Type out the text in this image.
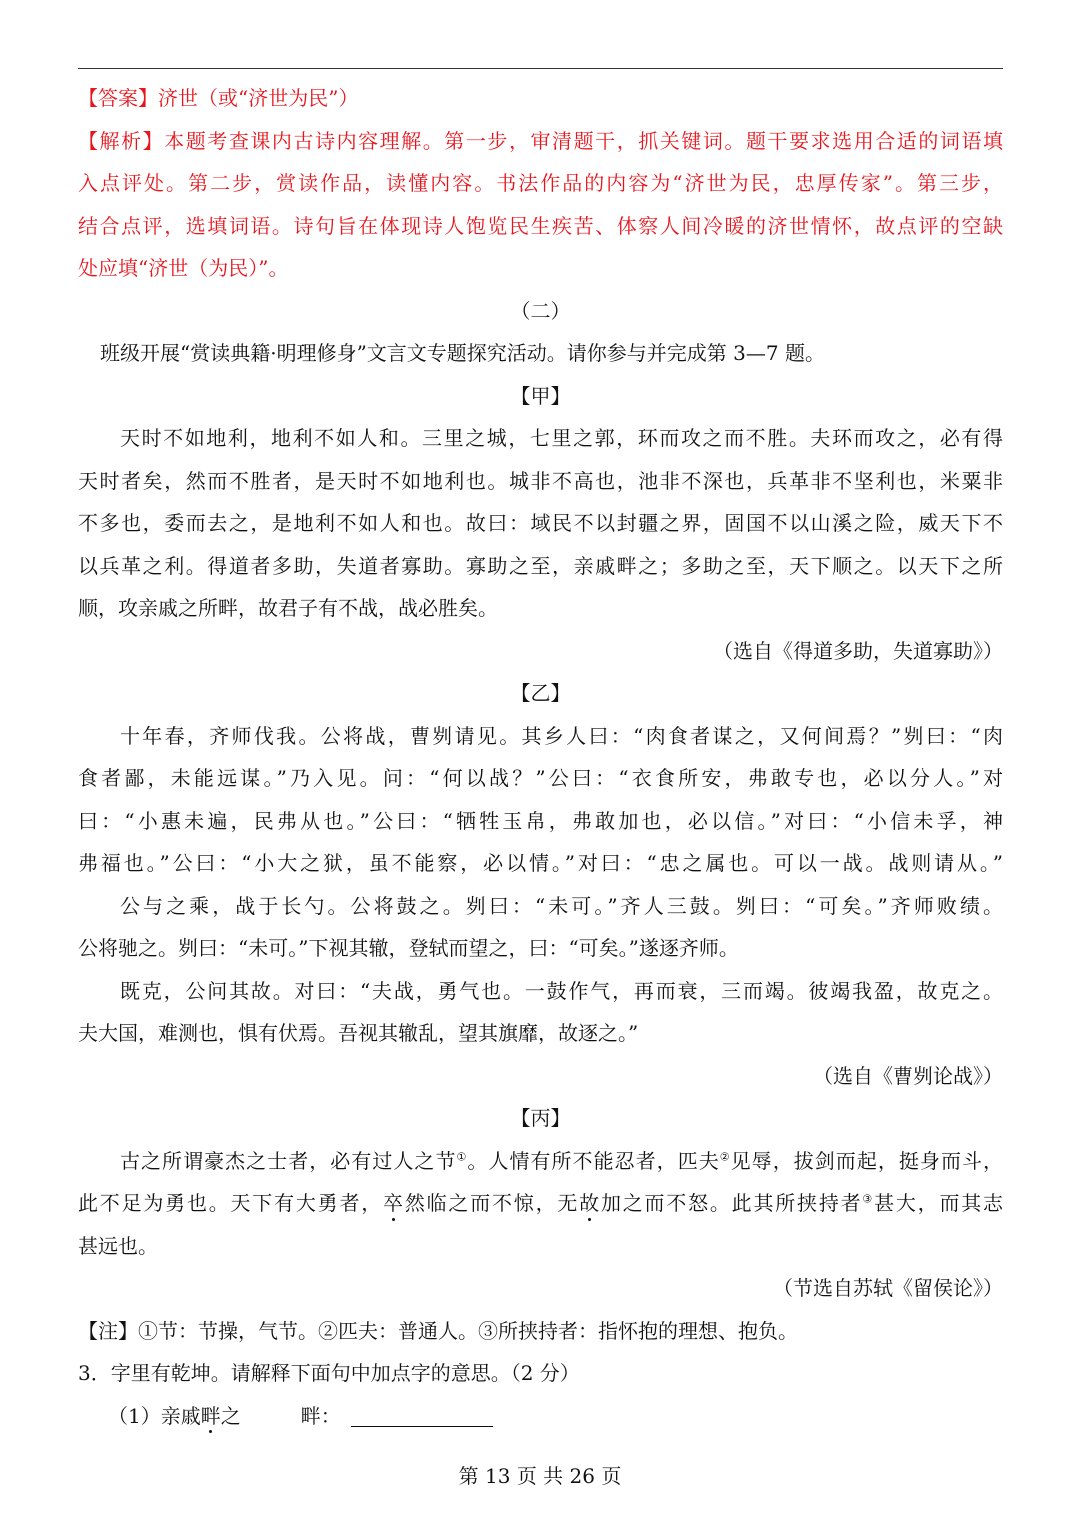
【答案】济世（或“济世为民”）
【解析】本题考查课内古诗内容理解。第一步，审清题干，抓关键词。题干要求选用合适的词语填
入点评处。第二步，赏读作品，读懂内容。书法作品的内容为“济世为民，忠厚传家”。第三步，
结合点评，选填词语。诗句旨在体现诗人饱览民生疾苦、体察人间冷暖的济世情怀，故点评的空缺
处应填“济世（为民）”。
（二）
班级开展“赏读典籍·明理修身”文言文专题探究活动。请你参与并完成第 3—7 题。
【甲】
天时不如地利，地利不如人和。三里之城，七里之郭，环而攻之而不胜。夫环而攻之，必有得
天时者矣，然而不胜者，是天时不如地利也。城非不高也，池非不深也，兵革非不坚利也，米粟非
不多也，委而去之，是地利不如人和也。故曰：域民不以封疆之界，固国不以山溪之险，威天下不
以兵革之利。得道者多助，失道者寡助。寡助之至，亲戚畔之；多助之至，天下顺之。以天下之所
顺，攻亲戚之所畔，故君子有不战，战必胜矣。
（选自《得道多助，失道寡助》）
【乙】
十年春，齐师伐我。公将战，曹刿请见。其乡人曰：“肉食者谋之，又何间焉？”刿曰：“肉
食者鄙，未能远谋。”乃入见。问：“何以战？”公曰：“衣食所安，弗敢专也，必以分人。”对
曰：“小惠未遍，民弗从也。”公曰：“牺牲玉帛，弗敢加也，必以信。”对曰：“小信未孚，神
弗福也。”公曰：“小大之狱，虽不能察，必以情。”对曰：“忠之属也。可以一战。战则请从。”
公与之乘，战于长勺。公将鼓之。刿曰：“未可。”齐人三鼓。刿曰：“可矣。”齐师败绩。
公将驰之。刿曰：“未可。”下视其辙，登轼而望之，曰：“可矣。”遂逐齐师。
既克，公问其故。对曰：“夫战，勇气也。一鼓作气，再而衰，三而竭。彼竭我盈，故克之。
夫大国，难测也，惧有伏焉。吾视其辙乱，望其旗靡，故逐之。”
（选自《曹刿论战》）
【丙】
古之所谓豪杰之士者，必有过人之节①。人情有所不能忍者，匹夫②见辱，拔剑而起，挺身而斗，
此不足为勇也。天下有大勇者，卒然临之而不惊，无故加之而不怒。此其所挟持者③甚大，而其志
甚远也。
（节选自苏轼《留侯论》）
【注】①节：节操，气节。②匹夫：普通人。③所挟持者：指怀抱的理想、抱负。
3．字里有乾坤。请解释下面句中加点字的意思。（2 分）
（1）亲戚畔之　　　畔：
第 13 页 共 26 页
